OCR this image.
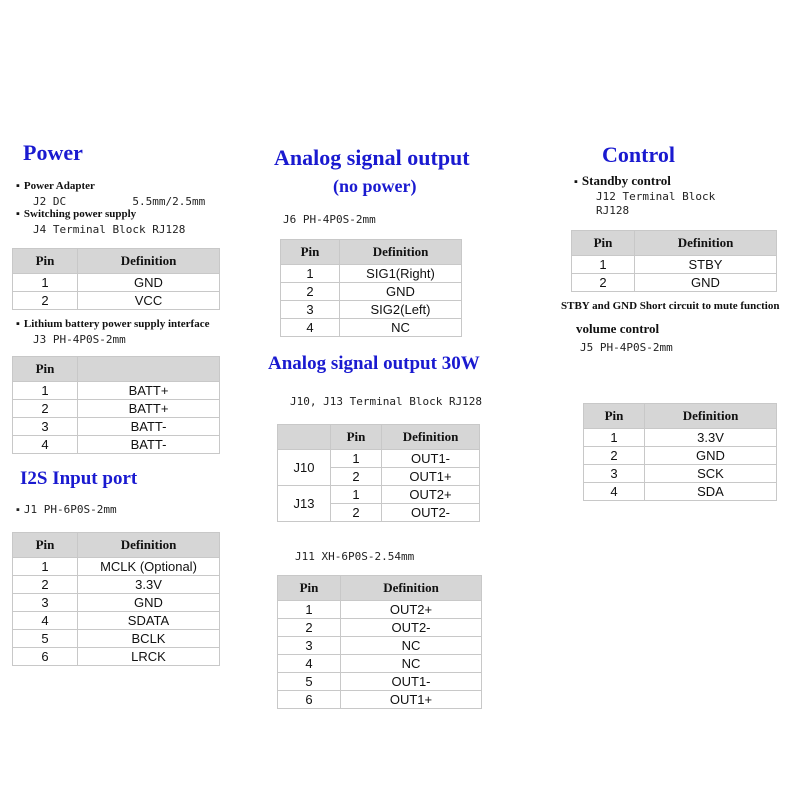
Power
▪ Power Adapter
J2 DC          5.5mm/2.5mm
▪ Switching power supply
J4 Terminal Block RJ128
Pin	Definition
1	GND
2	VCC
▪ Lithium battery power supply interface
J3 PH-4P0S-2mm
Pin	
1	BATT+
2	BATT+
3	BATT-
4	BATT-
I2S Input port
▪ J1 PH-6P0S-2mm
Pin	Definition
1	MCLK (Optional)
2	3.3V
3	GND
4	SDATA
5	BCLK
6	LRCK
Analog signal output
(no power)
J6 PH-4P0S-2mm
Pin	Definition
1	SIG1(Right)
2	GND
3	SIG2(Left)
4	NC
Analog signal output 30W
J10, J13 Terminal Block RJ128
	Pin	Definition
J10	1	OUT1-
	2	OUT1+
J13	1	OUT2+
	2	OUT2-
J11 XH-6P0S-2.54mm
Pin	Definition
1	OUT2+
2	OUT2-
3	NC
4	NC
5	OUT1-
6	OUT1+
Control
▪ Standby control
J12 Terminal Block
RJ128
Pin	Definition
1	STBY
2	GND
STBY and GND Short circuit to mute function
volume control
J5 PH-4P0S-2mm
Pin	Definition
1	3.3V
2	GND
3	SCK
4	SDA
